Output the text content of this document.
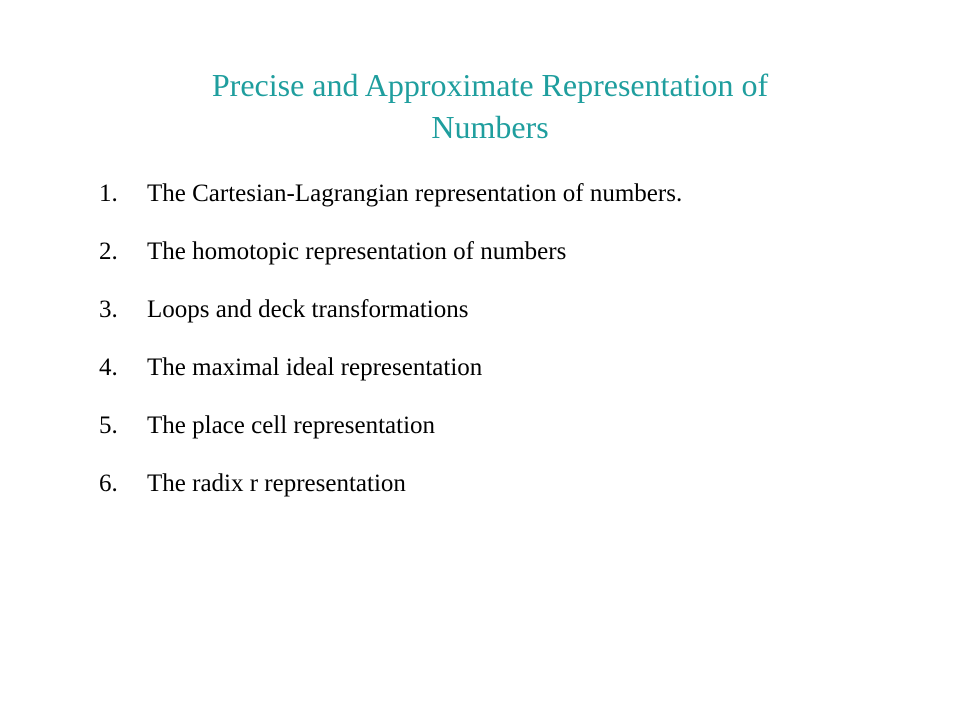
Precise and Approximate Representation of Numbers
1. The Cartesian-Lagrangian representation of numbers.
2. The homotopic representation of numbers
3. Loops and deck transformations
4. The maximal ideal representation
5. The place cell representation
6. The radix r representation
